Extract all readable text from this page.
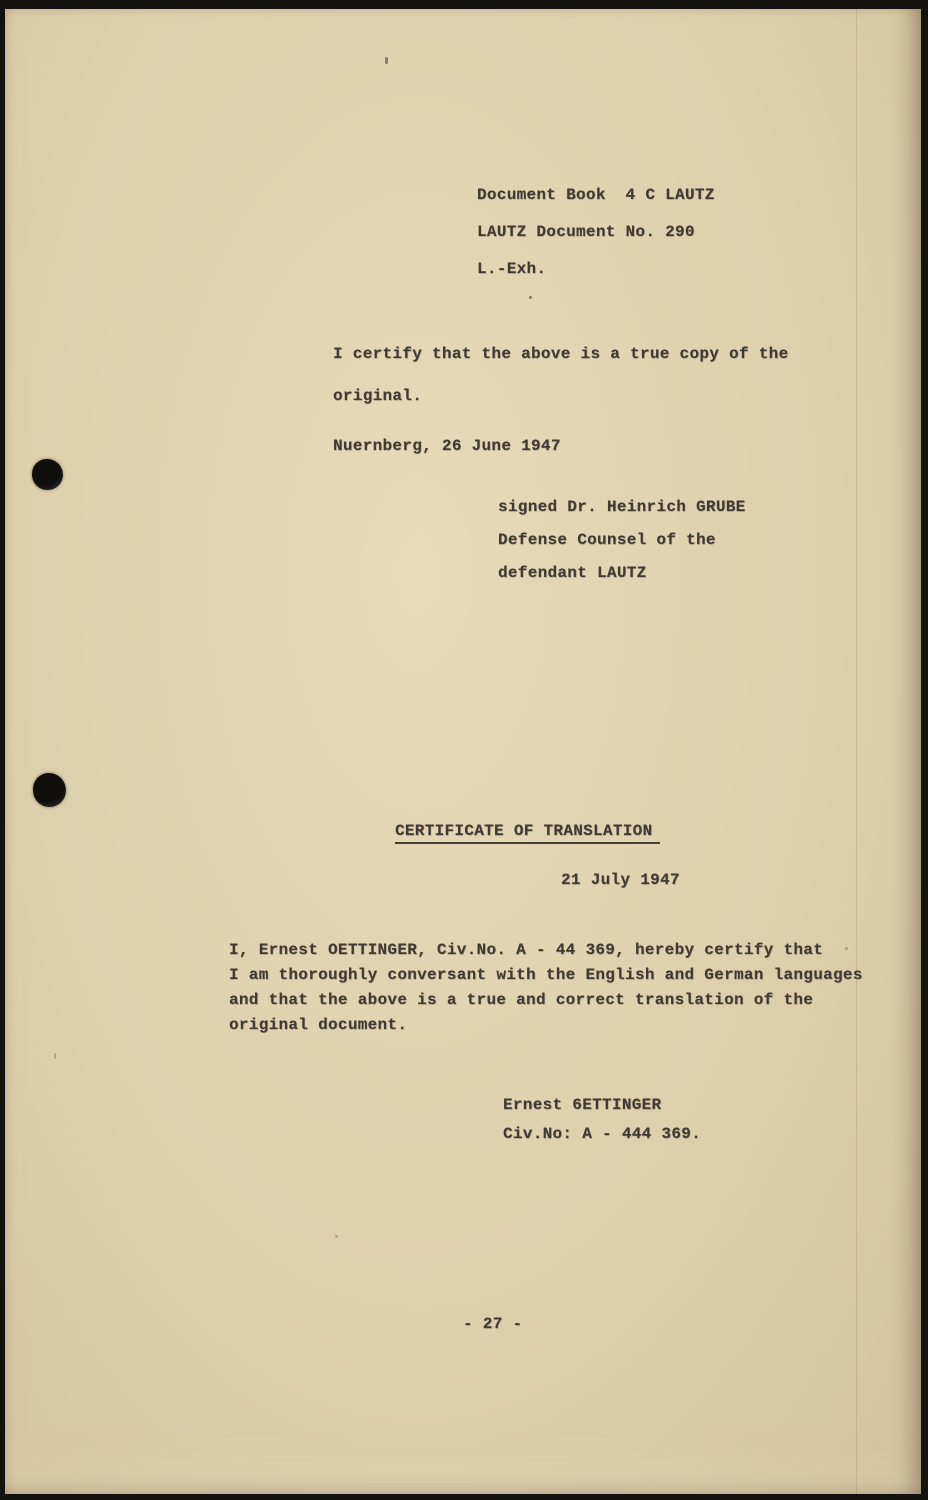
Document Book  4 C LAUTZ
LAUTZ Document No. 290
L.-Exh.
I certify that the above is a true copy of the
original.
Nuernberg, 26 June 1947
signed Dr. Heinrich GRUBE
Defense Counsel of the
defendant LAUTZ
CERTIFICATE OF TRANSLATION
21 July 1947
I, Ernest OETTINGER, Civ.No. A - 44 369, hereby certify that
I am thoroughly conversant with the English and German languages
and that the above is a true and correct translation of the
original document.
Ernest 6ETTINGER
Civ.No: A - 444 369.
- 27 -
